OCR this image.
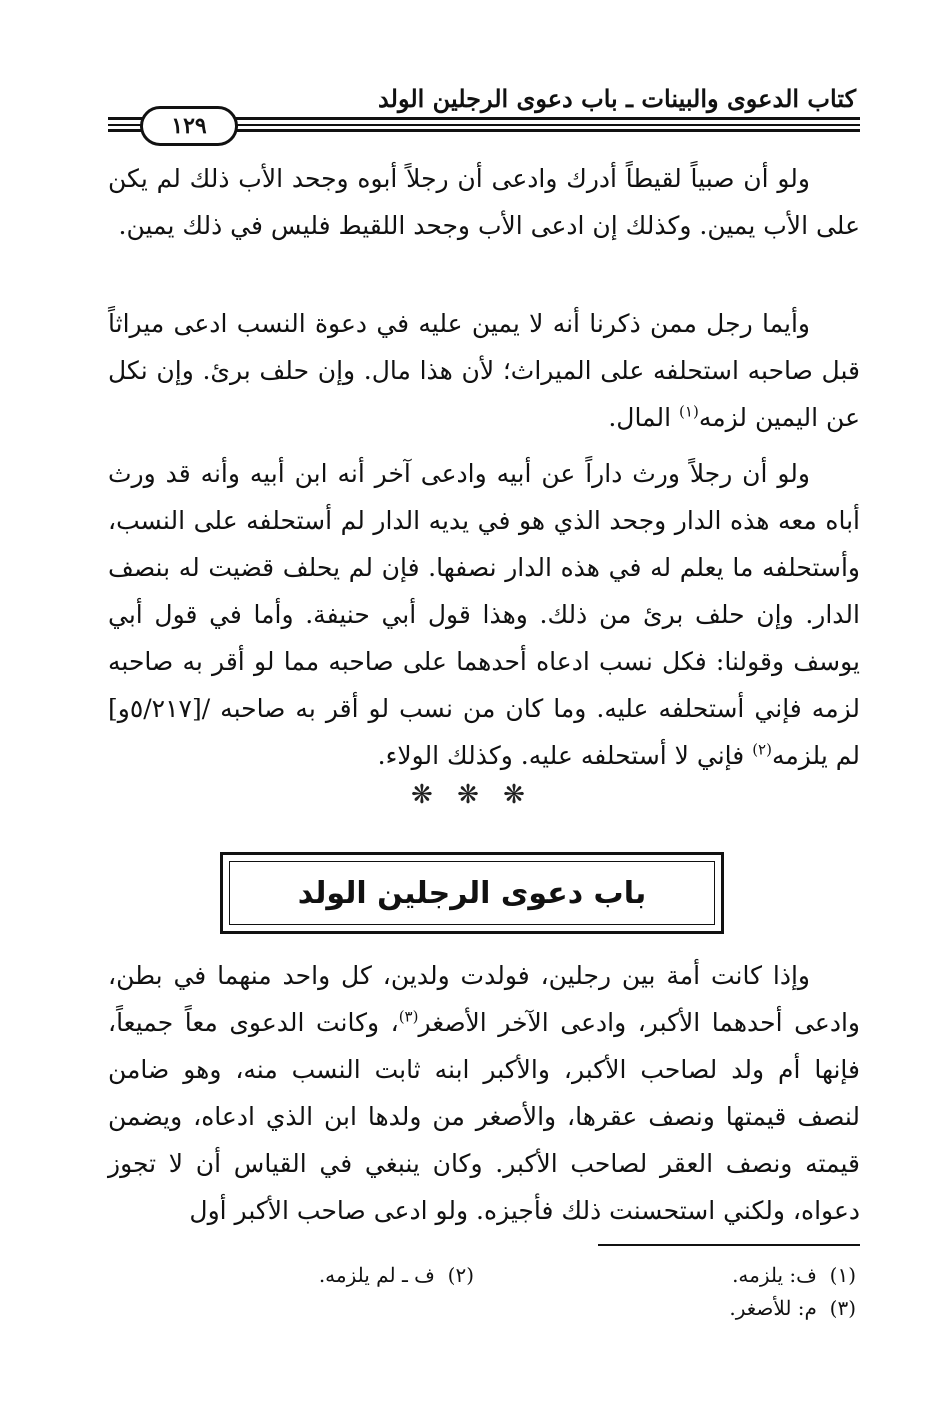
كتاب الدعوى والبينات ـ باب دعوى الرجلين الولد
١٢٩

ولو أن صبياً لقيطاً أدرك وادعى أن رجلاً أبوه وجحد الأب ذلك لم يكن على الأب يمين. وكذلك إن ادعى الأب وجحد اللقيط فليس في ذلك يمين.

وأيما رجل ممن ذكرنا أنه لا يمين عليه في دعوة النسب ادعى ميراثاً قبل صاحبه استحلفه على الميراث؛ لأن هذا مال. وإن حلف برئ. وإن نكل عن اليمين لزمه$^{(١)}$ المال.

ولو أن رجلاً ورث داراً عن أبيه وادعى آخر أنه ابن أبيه وأنه قد ورث أباه معه هذه الدار وجحد الذي هو في يديه الدار لم أستحلفه على النسب، وأستحلفه ما يعلم له في هذه الدار نصفها. فإن لم يحلف قضيت له بنصف الدار. وإن حلف برئ من ذلك. وهذا قول أبي حنيفة. وأما في قول أبي يوسف وقولنا: فكل نسب ادعاه أحدهما على صاحبه مما لو أقر به صاحبه لزمه فإني أستحلفه عليه. وما كان من نسب لو أقر به صاحبه /[٥/٢١٧و] لم يلزمه$^{(٢)}$ فإني لا أستحلفه عليه. وكذلك الولاء.

❋ ❋ ❋
باب دعوى الرجلين الولد

وإذا كانت أمة بين رجلين، فولدت ولدين، كل واحد منهما في بطن، وادعى أحدهما الأكبر، وادعى الآخر الأصغر$^{(٣)}$، وكانت الدعوى معاً جميعاً، فإنها أم ولد لصاحب الأكبر، والأكبر ابنه ثابت النسب منه، وهو ضامن لنصف قيمتها ونصف عقرها، والأصغر من ولدها ابن الذي ادعاه، ويضمن قيمته ونصف العقر لصاحب الأكبر. وكان ينبغي في القياس أن لا تجوز دعواه، ولكني استحسنت ذلك فأجيزه. ولو ادعى صاحب الأكبر أول

(١)  ف: يلزمه.
(٢)  ف ـ لم يلزمه.
(٣)  م: للأصغر.
